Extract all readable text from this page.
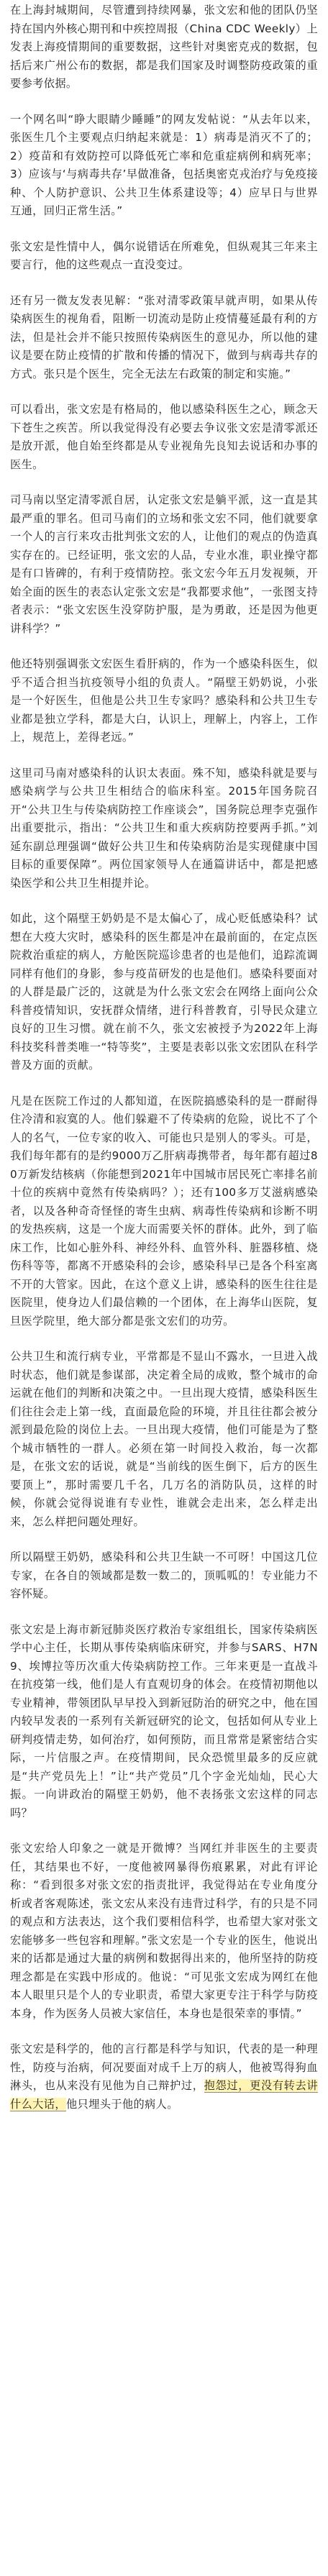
在上海封城期间，尽管遭到持续网暴，张文宏和他的团队仍坚持在国内外核心期刊和中疾控周报（China CDC Weekly）上发表上海疫情期间的重要数据，这些针对奥密克戎的数据，包括后来广州公布的数据，都是我们国家及时调整防疫政策的重要参考依据。

一个网名叫“睁大眼睛少睡睡”的网友发帖说：“从去年以来，张医生几个主要观点归纳起来就是：1）病毒是消灭不了的；2）疫苗和有效防控可以降低死亡率和危重症病例和病死率；3）应该与‘与病毒共存’早做准备，包括奥密克戎治疗与免疫接种、个人防护意识、公共卫生体系建设等；4）应早日与世界互通，回归正常生活。”

张文宏是性情中人，偶尔说错话在所难免，但纵观其三年来主要言行，他的这些观点一直没变过。

还有另一微友发表见解：“张对清零政策早就声明，如果从传染病医生的视角看，阻断一切流动是防止疫情蔓延最有利的方法，但是社会并不能只按照传染病医生的意见办，所以他的建议是要在防止疫情的扩散和传播的情况下，做到与病毒共存的方式。张只是个医生，完全无法左右政策的制定和实施。”

可以看出，张文宏是有格局的，他以感染科医生之心，顾念天下苍生之疾苦。所以我觉得没有必要去争议张文宏是清零派还是放开派，他自始至终都是从专业视角先良知去说话和办事的医生。

司马南以坚定清零派自居，认定张文宏是躺平派，这一直是其最严重的罪名。但司马南们的立场和张文宏不同，他们就要拿一个人的言行来攻击批判张文宏的人，让他们的观点的伪造真实存在的。已经证明，张文宏的人品，专业水准，职业操守都是有口皆碑的，有利于疫情防控。张文宏今年五月发视频，开始全面的医生的表态认定张文宏是“我都要求他”，一张图支持者表示：“张文宏医生没穿防护服，是为勇敢，还是因为他更讲科学？”

他还特别强调张文宏医生看肝病的，作为一个感染科医生，似乎不适合担当抗疫领导小组的负责人。“隔壁王奶奶说，小张是一个好医生，但他是公共卫生专家吗？感染科和公共卫生专业都是独立学科，都是大白，认识上，理解上，内容上，工作上，规范上，差得老远。”

这里司马南对感染科的认识太表面。殊不知，感染科就是要与感染病学与公共卫生相结合的临床科室。2015年国务院召开“公共卫生与传染病防控工作座谈会”，国务院总理李克强作出重要批示，指出：“公共卫生和重大疾病防控要两手抓。”刘延东副总理强调“做好公共卫生和传染病防治是实现健康中国目标的重要保障”。两位国家领导人在通篇讲话中，都是把感染医学和公共卫生相提并论。

如此，这个隔壁王奶奶是不是太偏心了，成心贬低感染科？试想在大疫大灾时，感染科的医生都是冲在最前面的，在定点医院救治重症的病人，方舱医院巡诊患者的也是他们，追踪流调同样有他们的身影，参与疫苗研发的也是他们。感染科要面对的人群是最广泛的，这就是为什么张文宏会在网络上面向公众科普疫情知识，安抚群众情绪，进行科普教育，引导民众建立良好的卫生习惯。就在前不久，张文宏被授予为2022年上海科技奖科普类唯一“特等奖”，主要是表彰以张文宏团队在科学普及方面的贡献。

凡是在医院工作过的人都知道，在医院搞感染科的是一群耐得住冷清和寂寞的人。他们躲避不了传染病的危险，说比不了个人的名气，一位专家的收入、可能也只是别人的零头。可是，我们每年都有的是约9000万乙肝病毒携带者，每年都有超过80万新发结核病（你能想到2021年中国城市居民死亡率排名前十位的疾病中竟然有传染病吗？）；还有100多万艾滋病感染者，以及各种奇奇怪怪的寄生虫病、病毒性传染病和诊断不明的发热疾病，这是一个庞大而需要关怀的群体。此外，到了临床工作，比如心脏外科、神经外科、血管外科、脏器移植、烧伤科等等，都离不开感染科的会诊，感染科早已是各个科室离不开的大管家。因此，在这个意义上讲，感染科的医生往往是医院里，使身边人们最信赖的一个团体，在上海华山医院，复旦医学院里，绝大部分都是张文宏们的功劳。

公共卫生和流行病专业，平常都是不显山不露水，一旦进入战时状态，他们就是参谋部，决定着全局的成败，整个城市的命运就在他们的判断和决策之中。一旦出现大疫情，感染科医生们往往会走上第一线，直面最危险的环境，并且往往都会被分派到最危险的岗位上去。一旦出现大疫情，他们可能是为了整个城市牺牲的一群人。必须在第一时间投入救治，每一次都是，在张文宏的话说，就是“当前线的医生倒下，后方的医生要顶上”，那时需要几千名，几万名的消防队员，这样的时候，你就会觉得说谁有专业性，谁就会走出来，怎么样走出来，怎么样把问题处理好。

所以隔壁王奶奶，感染科和公共卫生缺一不可呀！中国这几位专家，在各自的领域都是数一数二的，顶呱呱的！专业能力不容怀疑。

张文宏是上海市新冠肺炎医疗救治专家组组长，国家传染病医学中心主任，长期从事传染病临床研究，并参与SARS、H7N9、埃博拉等历次重大传染病防控工作。三年来更是一直战斗在抗疫第一线，他们是人有直观切身的体会。在疫情初期他以专业精神，带领团队早早投入到新冠防治的研究之中，他在国内较早发表的一系列有关新冠研究的论文，包括如何从专业上研判疫情走势，如何治疗，如何预防，而且常常是紧密结合实际，一片信服之声。在疫情期间，民众恐慌里最多的反应就是“共产党员先上！”让“共产党员”几个字金光灿灿，民心大振。一向讲政治的隔壁王奶奶，他不表扬张文宏这样的同志吗？

张文宏给人印象之一就是开微博？当网红并非医生的主要责任，其结果也不好，一度他被网暴得伤痕累累，对此有评论称：“看到很多对张文宏的指责批评，我觉得站在专业角度分析或者客观陈述，张文宏从来没有违背过科学，有的只是不同的观点和方法表达，这个我们要相信科学，也希望大家对张文宏能够多一些包容和理解。”张文宏是一个专业的医生，他说出来的话都是通过大量的病例和数据得出来的，他所坚持的防疫理念都是在实践中形成的。他说：“可见张文宏成为网红在他本人眼里只是个人的专业职责，希望大家更专注于科学与防疫本身，作为医务人员被大家信任，本身也是很荣幸的事情。”

张文宏是科学的，他的言行都是科学与知识，代表的是一种理性，防疫与治病，何况要面对成千上万的病人，他被骂得狗血淋头，也从来没有见他为自己辩护过，抱怨过，更没有转去讲什么大话，他只埋头于他的病人。
